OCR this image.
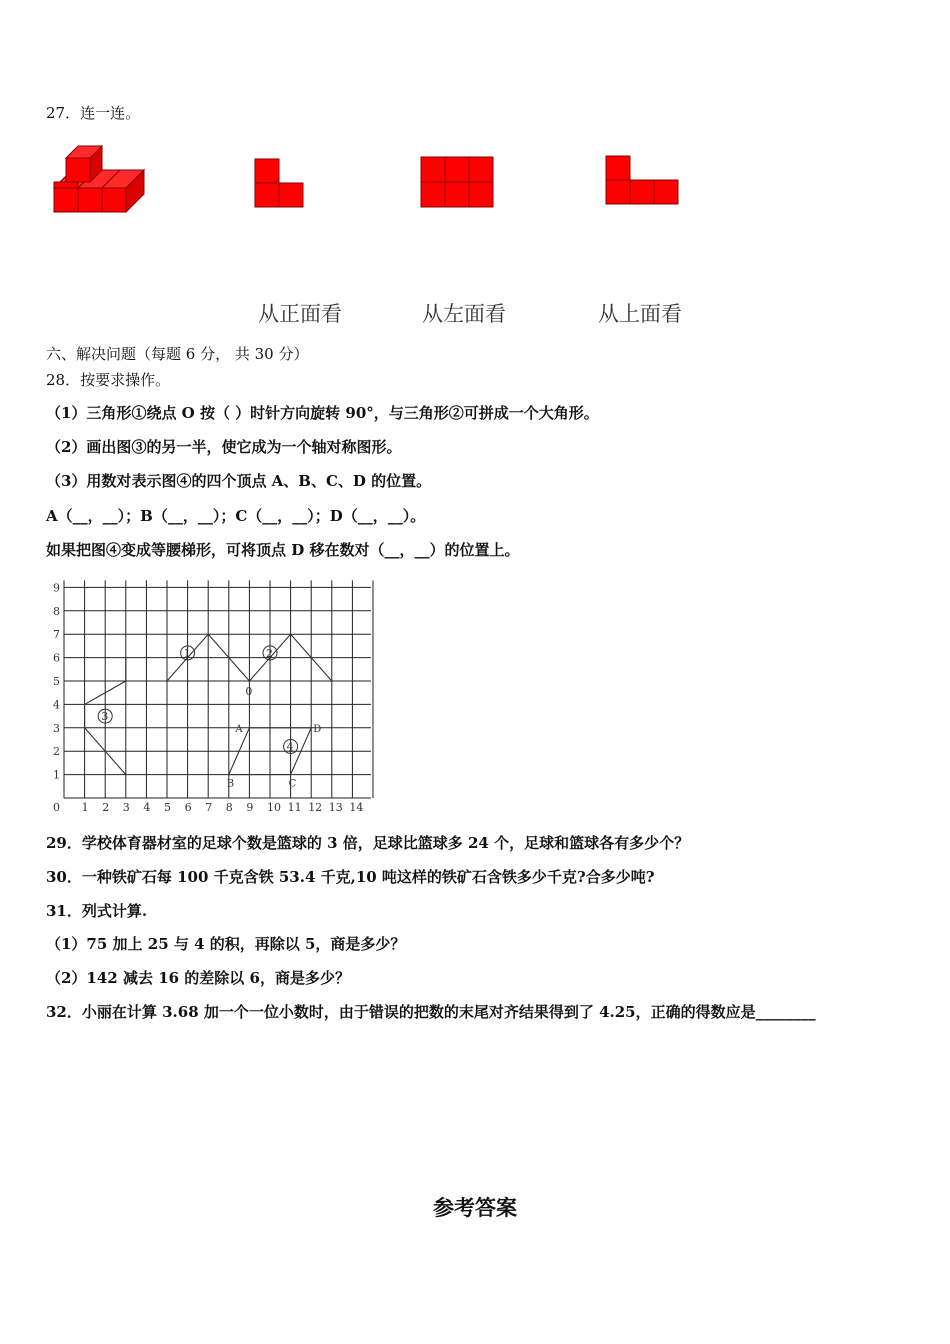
27．连一连。
从正面看	从左面看	从上面看
六、解决问题（每题 6 分， 共 30 分）
28．按要求操作。
（1）三角形①绕点 O 按（ ）时针方向旋转 90°，与三角形②可拼成一个大角形。
（2）画出图③的另一半，使它成为一个轴对称图形。
（3）用数对表示图④的四个顶点 A、B、C、D 的位置。
A（__，__）；B（__，__）；C（__，__）；D（__，__）。
如果把图④变成等腰梯形，可将顶点 D 移在数对（__，__）的位置上。
0 1 2 3 4 5 6 7 8 9 10 11 12 13 14
1
2
3
4
5
6
7
8
9
1	2
3
4
0
A
B	C
D
29．学校体育器材室的足球个数是篮球的 3 倍，足球比篮球多 24 个，足球和篮球各有多少个？
30．一种铁矿石每 100 千克含铁 53.4 千克,10 吨这样的铁矿石含铁多少千克?合多少吨?
31．列式计算.
（1）75 加上 25 与 4 的积，再除以 5，商是多少？
（2）142 减去 16 的差除以 6，商是多少？
32．小丽在计算 3.68 加一个一位小数时，由于错误的把数的末尾对齐结果得到了 4.25，正确的得数应是________
参考答案
